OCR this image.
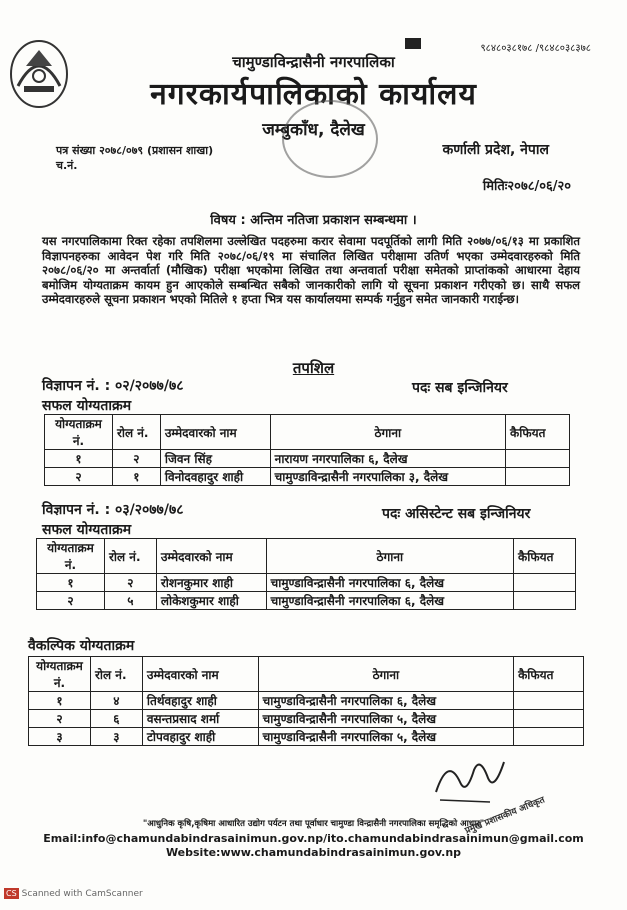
९८४८०३८१७८ /९८४८०३८३७८
चामुण्डाविन्द्रासैनी नगरपालिका
नगरकार्यपालिकाको कार्यालय
जम्बुकाँध, दैलेख
पत्र संख्या २०७८/०७९ (प्रशासन शाखा)
च.नं.
कर्णाली प्रदेश, नेपाल
मितिः२०७८/०६/२०
विषय : अन्तिम नतिजा प्रकाशन सम्बन्धमा ।
यस नगरपालिकामा रिक्त रहेका तपशिलमा उल्लेखित पदहरुमा करार सेवामा पदपूर्तिको लागी मिति २०७७/०६/१३ मा प्रकाशित विज्ञापनहरुका आवेदन पेश गरि मिति २०७८/०६/१९ मा संचालित लिखित परीक्षामा उतिर्ण भएका उम्मेदवारहरुको मिति २०७८/०६/२० मा अन्तर्वार्ता (मौखिक) परीक्षा भएकोमा लिखित तथा अन्तवार्ता परीक्षा समेतको प्राप्तांकको आधारमा देहाय बमोजिम योग्यताक्रम कायम हुन आएकोले सम्बन्धित सबैको जानकारीको लागि यो सूचना प्रकाशन गरीएको छ। साथै सफल उम्मेदवारहरुले सूचना प्रकाशन भएको मितिले १ हप्ता भित्र यस कार्यालयमा सम्पर्क गर्नुहुन समेत जानकारी गराईन्छ।
तपशिल
विज्ञापन नं. : ०२/२०७७/७८	पदः सब इन्जिनियर
सफल योग्यताक्रम
योग्यताक्रम नं.	रोल नं.	उम्मेदवारको नाम	ठेगाना	कैफियत
१	२	जिवन सिंह	नारायण नगरपालिका ६, दैलेख	
२	१	विनोदवहादुर शाही	चामुण्डाविन्द्रासैनी नगरपालिका ३, दैलेख	
विज्ञापन नं. : ०३/२०७७/७८	पदः असिस्टेन्ट सब इन्जिनियर
सफल योग्यताक्रम
योग्यताक्रम नं.	रोल नं.	उम्मेदवारको नाम	ठेगाना	कैफियत
१	२	रोशनकुमार शाही	चामुण्डाविन्द्रासैनी नगरपालिका ६, दैलेख	
२	५	लोकेशकुमार शाही	चामुण्डाविन्द्रासैनी नगरपालिका ६, दैलेख	
वैकल्पिक योग्यताक्रम
योग्यताक्रम नं.	रोल नं.	उम्मेदवारको नाम	ठेगाना	कैफियत
१	४	तिर्थवहादुर शाही	चामुण्डाविन्द्रासैनी नगरपालिका ६, दैलेख	
२	६	वसन्तप्रसाद शर्मा	चामुण्डाविन्द्रासैनी नगरपालिका ५, दैलेख	
३	३	टोपवहादुर शाही	चामुण्डाविन्द्रासैनी नगरपालिका ५, दैलेख	
प्रमुख प्रशासकीय अधिकृत
"आधुनिक कृषि,कृषिमा आधारित उद्योग पर्यटन तथा पूर्वाधार चामुण्डा विन्द्रासैनी नगरपालिका समृद्धिको आधार"
Email:info@chamundabindrasainimun.gov.np/ito.chamundabindrasainimun@gmail.com
Website:www.chamundabindrasainimun.gov.np
CS Scanned with CamScanner
